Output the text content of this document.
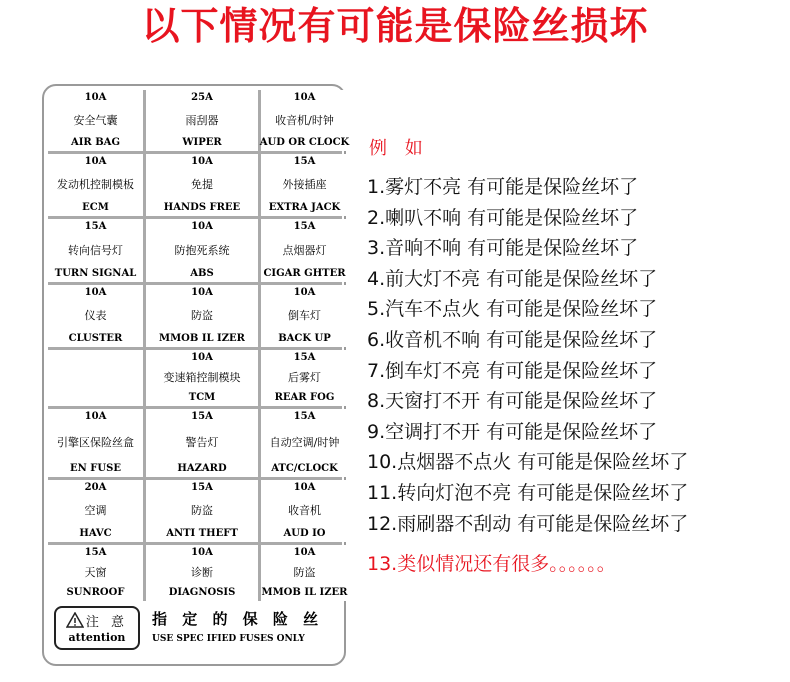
以下情况有可能是保险丝损坏
10A
安全气囊
AIR BAG
25A
雨刮器
WIPER
10A
收音机/时钟
AUD OR CLOCK
10A
发动机控制模板
ECM
10A
免提
HANDS FREE
15A
外接插座
EXTRA JACK
15A
转向信号灯
TURN SIGNAL
10A
防抱死系统
ABS
15A
点烟器灯
CIGAR GHTER
10A
仪表
CLUSTER
10A
防盗
MMOB IL IZER
10A
倒车灯
BACK UP
10A
变速箱控制模块
TCM
15A
后雾灯
REAR FOG
10A
引擎区保险丝盒
EN FUSE
15A
警告灯
HAZARD
15A
自动空调/时钟
ATC/CLOCK
20A
空调
HAVC
15A
防盗
ANTI THEFT
10A
收音机
AUD IO
15A
天窗
SUNROOF
10A
诊断
DIAGNOSIS
10A
防盗
MMOB IL IZER
注 意
attention
指 定 的 保 险 丝
USE SPEC IFIED FUSES ONLY
例 如
1.雾灯不亮 有可能是保险丝坏了
2.喇叭不响 有可能是保险丝坏了
3.音响不响 有可能是保险丝坏了
4.前大灯不亮 有可能是保险丝坏了
5.汽车不点火 有可能是保险丝坏了
6.收音机不响 有可能是保险丝坏了
7.倒车灯不亮 有可能是保险丝坏了
8.天窗打不开 有可能是保险丝坏了
9.空调打不开 有可能是保险丝坏了
10.点烟器不点火 有可能是保险丝坏了
11.转向灯泡不亮 有可能是保险丝坏了
12.雨刷器不刮动 有可能是保险丝坏了
13.类似情况还有很多。。。。。。
